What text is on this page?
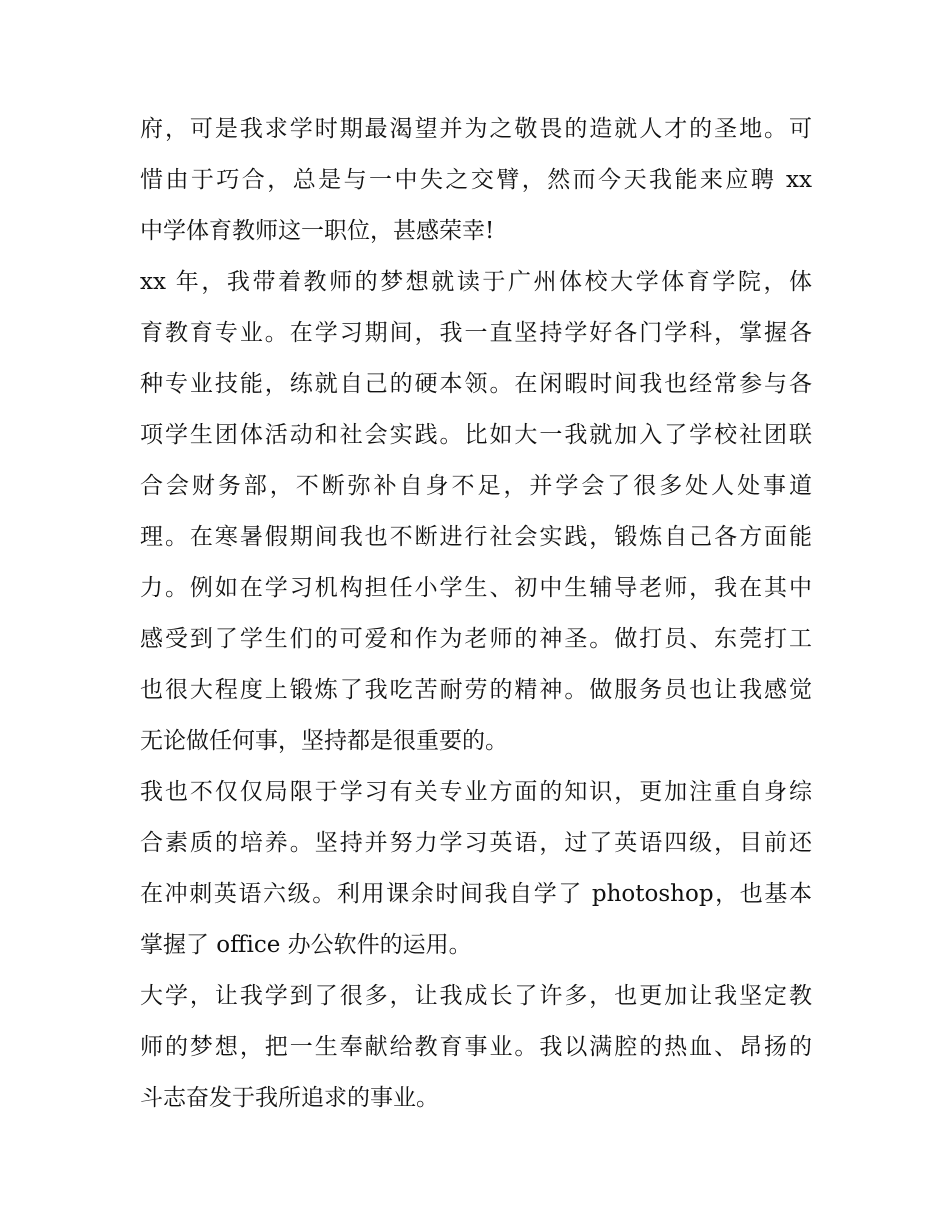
府，可是我求学时期最渴望并为之敬畏的造就人才的圣地。可
惜由于巧合，总是与一中失之交臂，然而今天我能来应聘 xx
中学体育教师这一职位，甚感荣幸!
xx 年，我带着教师的梦想就读于广州体校大学体育学院，体
育教育专业。在学习期间，我一直坚持学好各门学科，掌握各
种专业技能，练就自己的硬本领。在闲暇时间我也经常参与各
项学生团体活动和社会实践。比如大一我就加入了学校社团联
合会财务部，不断弥补自身不足，并学会了很多处人处事道
理。在寒暑假期间我也不断进行社会实践，锻炼自己各方面能
力。例如在学习机构担任小学生、初中生辅导老师，我在其中
感受到了学生们的可爱和作为老师的神圣。做打员、东莞打工
也很大程度上锻炼了我吃苦耐劳的精神。做服务员也让我感觉
无论做任何事，坚持都是很重要的。
我也不仅仅局限于学习有关专业方面的知识，更加注重自身综
合素质的培养。坚持并努力学习英语，过了英语四级，目前还
在冲刺英语六级。利用课余时间我自学了 photoshop，也基本
掌握了 office 办公软件的运用。
大学，让我学到了很多，让我成长了许多，也更加让我坚定教
师的梦想，把一生奉献给教育事业。我以满腔的热血、昂扬的
斗志奋发于我所追求的事业。
